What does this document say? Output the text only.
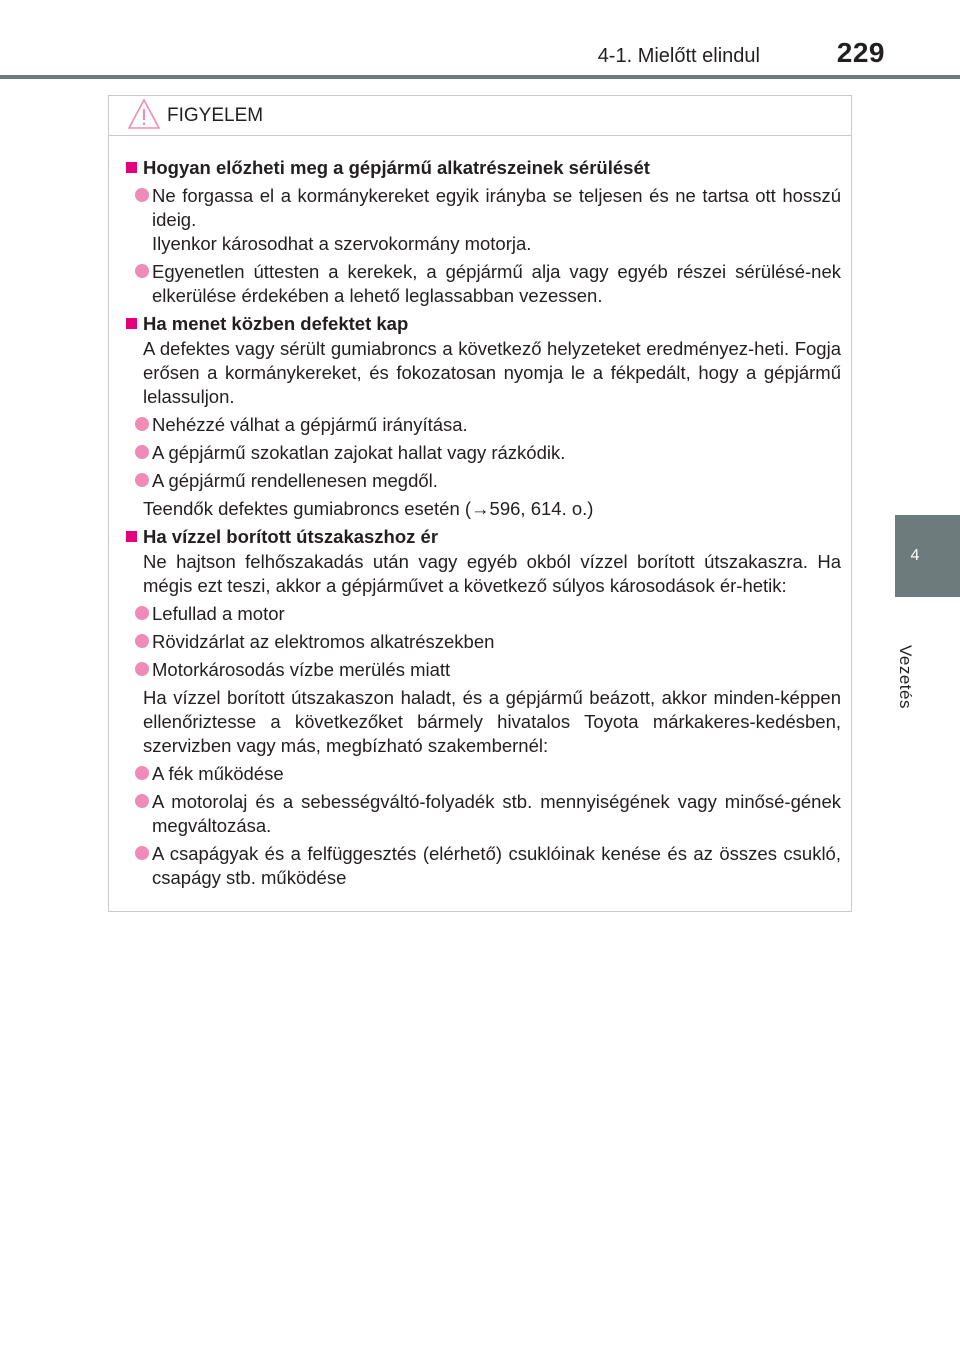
4-1. Mielőtt elindul	229
4
Vezetés
FIGYELEM
Hogyan előzheti meg a gépjármű alkatrészeinek sérülését
Ne forgassa el a kormánykereket egyik irányba se teljesen és ne tartsa ott hosszú ideig.
Ilyenkor károsodhat a szervokormány motorja.
Egyenetlen úttesten a kerekek, a gépjármű alja vagy egyéb részei sérülésé-nek elkerülése érdekében a lehető leglassabban vezessen.
Ha menet közben defektet kap
A defektes vagy sérült gumiabroncs a következő helyzeteket eredményez-heti. Fogja erősen a kormánykereket, és fokozatosan nyomja le a fékpedált, hogy a gépjármű lelassuljon.
Nehézzé válhat a gépjármű irányítása.
A gépjármű szokatlan zajokat hallat vagy rázkódik.
A gépjármű rendellenesen megdől.
Teendők defektes gumiabroncs esetén (→596, 614. o.)
Ha vízzel borított útszakaszhoz ér
Ne hajtson felhőszakadás után vagy egyéb okból vízzel borított útszakaszra. Ha mégis ezt teszi, akkor a gépjárművet a következő súlyos károsodások ér-hetik:
Lefullad a motor
Rövidzárlat az elektromos alkatrészekben
Motorkárosodás vízbe merülés miatt
Ha vízzel borított útszakaszon haladt, és a gépjármű beázott, akkor minden-képpen ellenőriztesse a következőket bármely hivatalos Toyota márkakeres-kedésben, szervizben vagy más, megbízható szakembernél:
A fék működése
A motorolaj és a sebességváltó-folyadék stb. mennyiségének vagy minősé-gének megváltozása.
A csapágyak és a felfüggesztés (elérhető) csuklóinak kenése és az összes csukló, csapágy stb. működése
